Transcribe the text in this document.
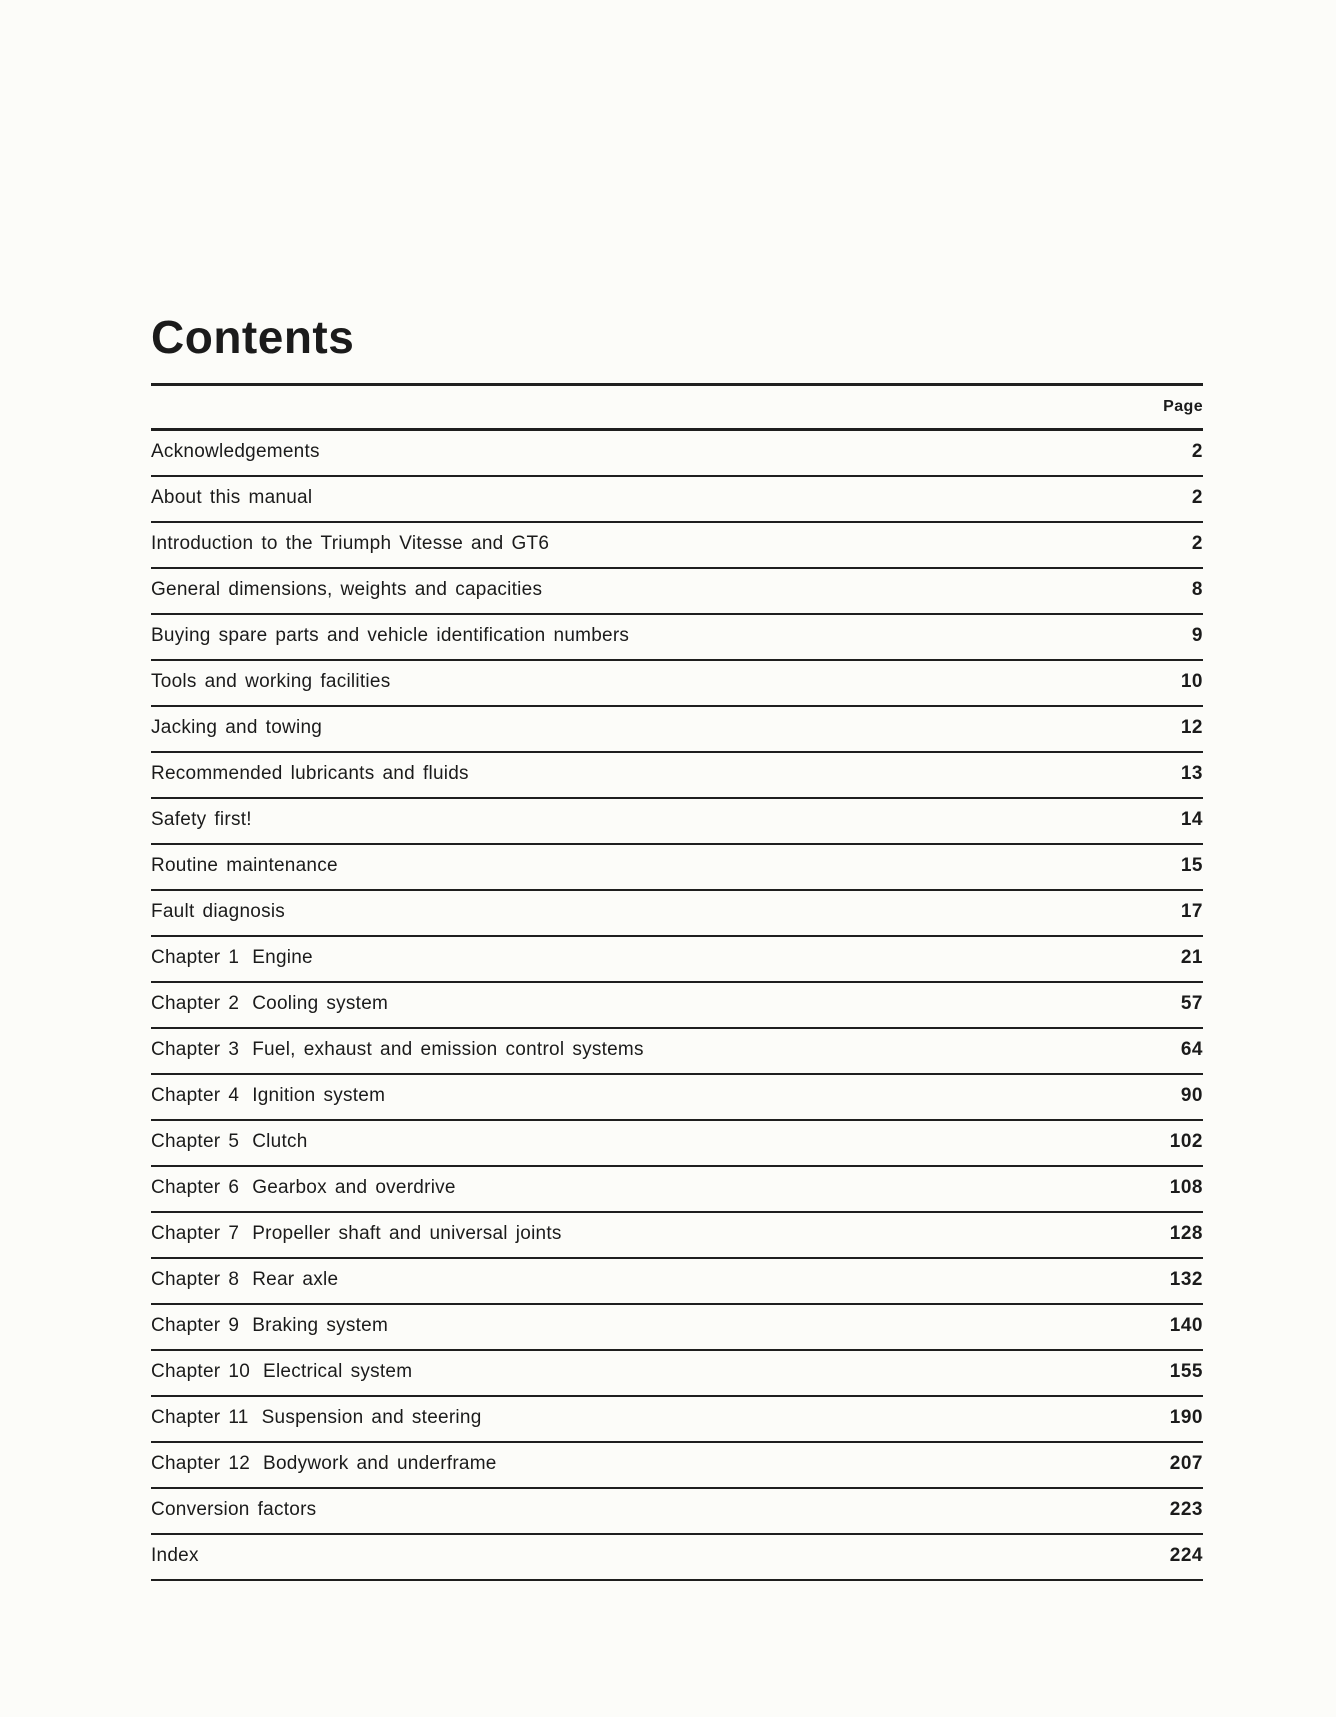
Contents
Page
Acknowledgements	2
About this manual	2
Introduction to the Triumph Vitesse and GT6	2
General dimensions, weights and capacities	8
Buying spare parts and vehicle identification numbers	9
Tools and working facilities	10
Jacking and towing	12
Recommended lubricants and fluids	13
Safety first!	14
Routine maintenance	15
Fault diagnosis	17
Chapter 1 Engine	21
Chapter 2 Cooling system	57
Chapter 3 Fuel, exhaust and emission control systems	64
Chapter 4 Ignition system	90
Chapter 5 Clutch	102
Chapter 6 Gearbox and overdrive	108
Chapter 7 Propeller shaft and universal joints	128
Chapter 8 Rear axle	132
Chapter 9 Braking system	140
Chapter 10 Electrical system	155
Chapter 11 Suspension and steering	190
Chapter 12 Bodywork and underframe	207
Conversion factors	223
Index	224
